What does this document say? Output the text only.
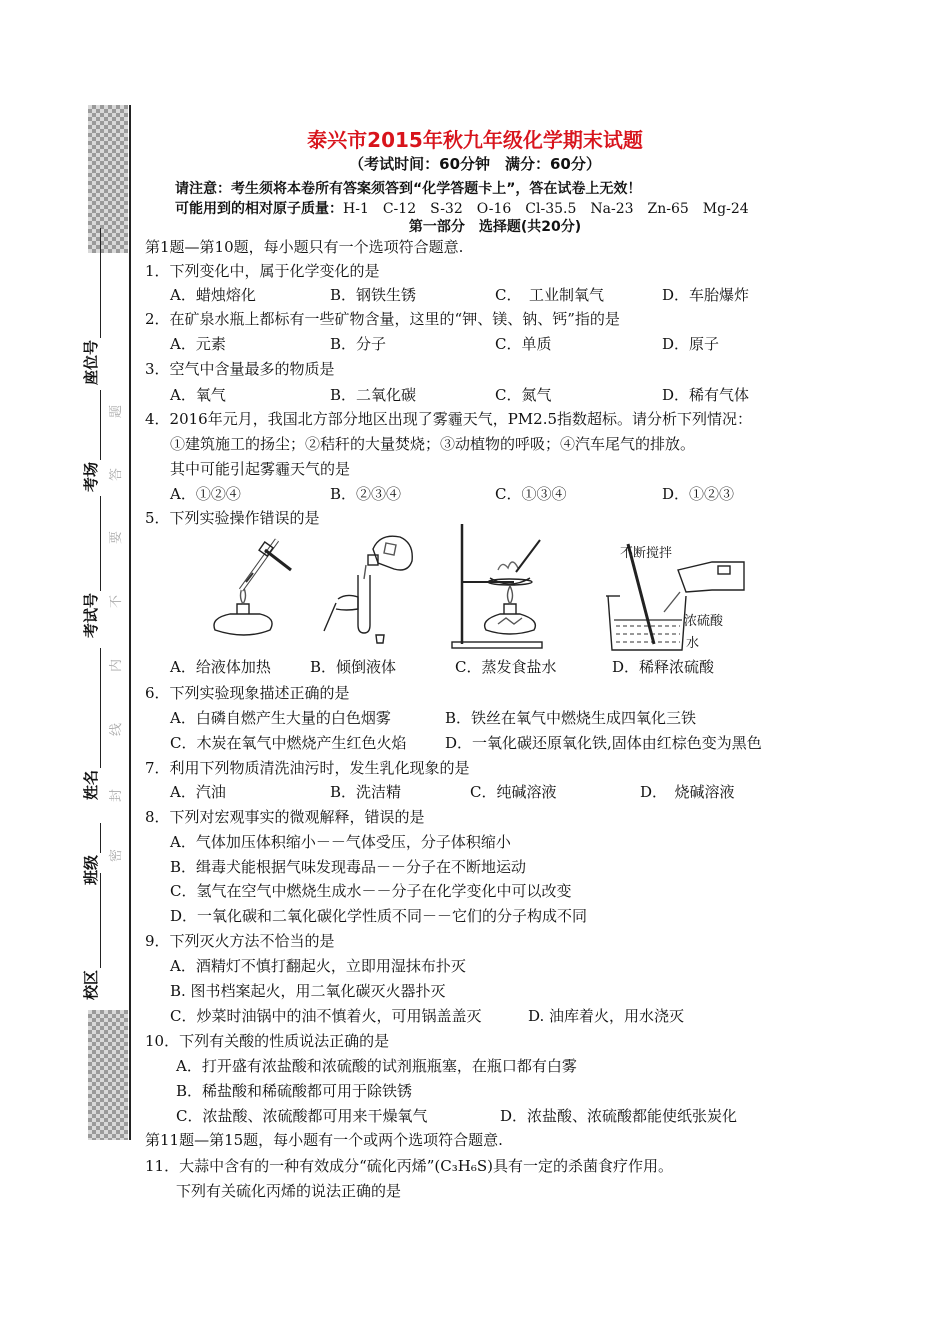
座位号
考场
考试号
姓名
班级
校区
题
答
要
不
内
线
封
密
泰兴市2015年秋九年级化学期末试题
（考试时间：60分钟　满分：60分）
请注意：考生须将本卷所有答案须答到“化学答题卡上”，答在试卷上无效！
可能用到的相对原子质量：H-1　C-12　S-32　O-16　Cl-35.5　Na-23　Zn-65　Mg-24
第一部分　选择题(共20分)
第1题—第10题，每小题只有一个选项符合题意.
1．下列变化中，属于化学变化的是
A．蜡烛熔化	B．钢铁生锈	C．　工业制氧气	D．车胎爆炸
2．在矿泉水瓶上都标有一些矿物含量，这里的“钾、镁、钠、钙”指的是
A．元素	B．分子	C．单质	D．原子
3．空气中含量最多的物质是
A．氧气	B．二氧化碳	C．氮气	D．稀有气体
4．2016年元月，我国北方部分地区出现了雾霾天气，PM2.5指数超标。请分析下列情况：
①建筑施工的扬尘；②秸秆的大量焚烧；③动植物的呼吸；④汽车尾气的排放。
其中可能引起雾霾天气的是
A．①②④	B．②③④	C．①③④	D．①②③
5．下列实验操作错误的是
不断搅拌
浓硫酸
水
A．给液体加热	B．倾倒液体	C．蒸发食盐水	D．稀释浓硫酸
6．下列实验现象描述正确的是
A．白磷自燃产生大量的白色烟雾	B．铁丝在氧气中燃烧生成四氧化三铁
C．木炭在氧气中燃烧产生红色火焰	D．一氧化碳还原氧化铁,固体由红棕色变为黑色
7．利用下列物质清洗油污时，发生乳化现象的是
A．汽油	B．洗洁精	C．纯碱溶液	D．　烧碱溶液
8．下列对宏观事实的微观解释，错误的是
A．气体加压体积缩小－－气体受压，分子体积缩小
B．缉毒犬能根据气味发现毒品－－分子在不断地运动
C．氢气在空气中燃烧生成水－－分子在化学变化中可以改变
D．一氧化碳和二氧化碳化学性质不同－－它们的分子构成不同
9．下列灭火方法不恰当的是
A．酒精灯不慎打翻起火，立即用湿抹布扑灭
B. 图书档案起火，用二氧化碳灭火器扑灭
C．炒菜时油锅中的油不慎着火，可用锅盖盖灭	D. 油库着火，用水浇灭
10．下列有关酸的性质说法正确的是
A．打开盛有浓盐酸和浓硫酸的试剂瓶瓶塞，在瓶口都有白雾
B．稀盐酸和稀硫酸都可用于除铁锈
C．浓盐酸、浓硫酸都可用来干燥氧气	D．浓盐酸、浓硫酸都能使纸张炭化
第11题—第15题，每小题有一个或两个选项符合题意.
11．大蒜中含有的一种有效成分“硫化丙烯”(C₃H₆S)具有一定的杀菌食疗作用。
下列有关硫化丙烯的说法正确的是
